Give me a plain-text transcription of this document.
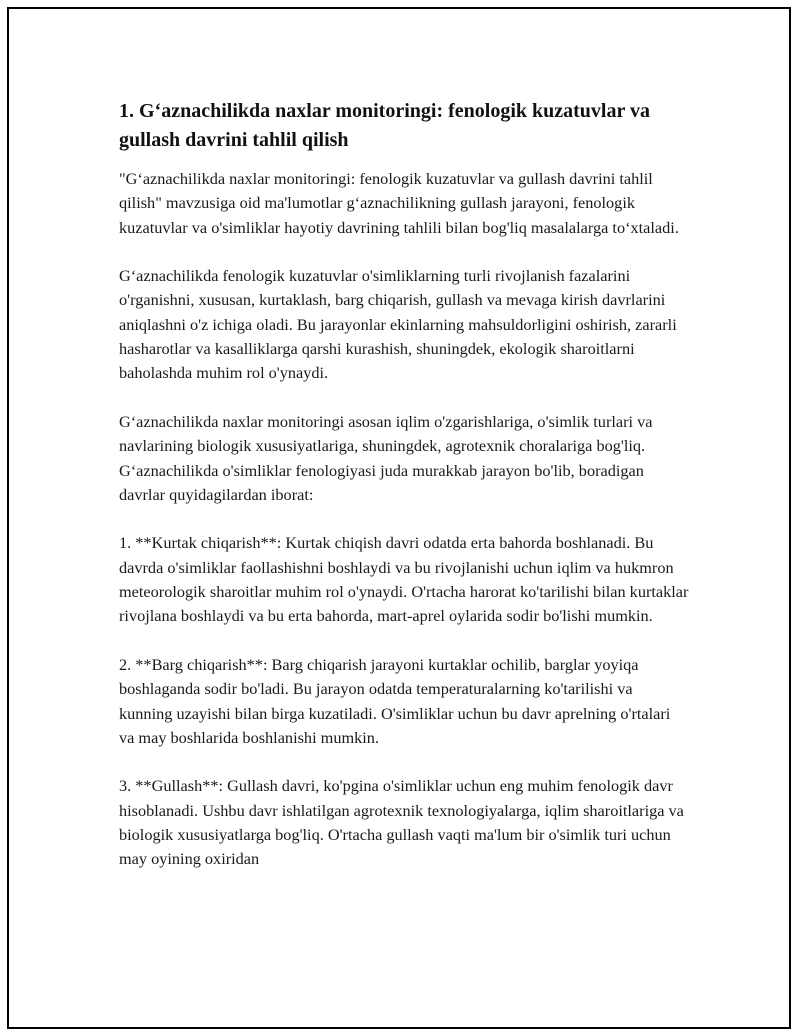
1. G‘aznachilikda naxlar monitoringi: fenologik kuzatuvlar va gullash davrini tahlil qilish

"G‘aznachilikda naxlar monitoringi: fenologik kuzatuvlar va gullash davrini tahlil qilish" mavzusiga oid ma'lumotlar g‘aznachilikning gullash jarayoni, fenologik kuzatuvlar va o'simliklar hayotiy davrining tahlili bilan bog'liq masalalarga to‘xtaladi.

G‘aznachilikda fenologik kuzatuvlar o'simliklarning turli rivojlanish fazalarini o'rganishni, xususan, kurtaklash, barg chiqarish, gullash va mevaga kirish davrlarini aniqlashni o'z ichiga oladi. Bu jarayonlar ekinlarning mahsuldorligini oshirish, zararli hasharotlar va kasalliklarga qarshi kurashish, shuningdek, ekologik sharoitlarni baholashda muhim rol o'ynaydi.

G‘aznachilikda naxlar monitoringi asosan iqlim o'zgarishlariga, o'simlik turlari va navlarining biologik xususiyatlariga, shuningdek, agrotexnik choralariga bog'liq. G‘aznachilikda o'simliklar fenologiyasi juda murakkab jarayon bo'lib, boradigan davrlar quyidagilardan iborat:

1. **Kurtak chiqarish**: Kurtak chiqish davri odatda erta bahorda boshlanadi. Bu davrda o'simliklar faollashishni boshlaydi va bu rivojlanishi uchun iqlim va hukmron meteorologik sharoitlar muhim rol o'ynaydi. O'rtacha harorat ko'tarilishi bilan kurtaklar rivojlana boshlaydi va bu erta bahorda, mart-aprel oylarida sodir bo'lishi mumkin.

2. **Barg chiqarish**: Barg chiqarish jarayoni kurtaklar ochilib, barglar yoyiqa boshlaganda sodir bo'ladi. Bu jarayon odatda temperaturalarning ko'tarilishi va kunning uzayishi bilan birga kuzatiladi. O'simliklar uchun bu davr aprelning o'rtalari va may boshlarida boshlanishi mumkin.

3. **Gullash**: Gullash davri, ko'pgina o'simliklar uchun eng muhim fenologik davr hisoblanadi. Ushbu davr ishlatilgan agrotexnik texnologiyalarga, iqlim sharoitlariga va biologik xususiyatlarga bog'liq. O'rtacha gullash vaqti ma'lum bir o'simlik turi uchun may oyining oxiridan
